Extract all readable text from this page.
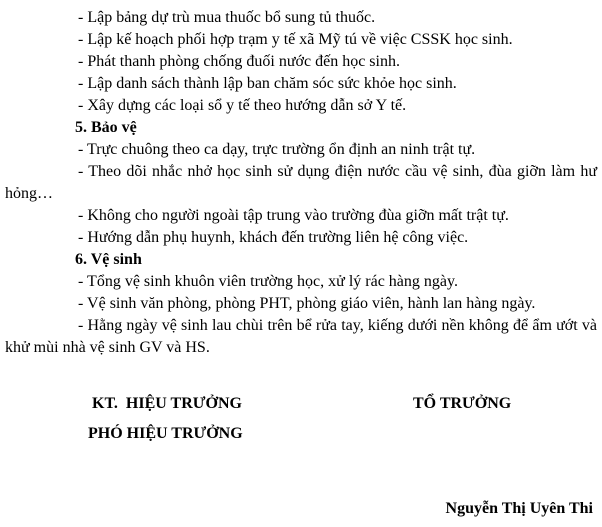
- Lập bảng dự trù mua thuốc bổ sung tủ thuốc.

- Lập kế hoạch phối hợp trạm y tế xã Mỹ tú về việc CSSK học sinh.

- Phát thanh phòng chống đuối nước đến học sinh.

- Lập danh sách thành lập ban chăm sóc sức khỏe học sinh.

- Xây dựng các loại sổ y tế theo hướng dẫn sở Y tế.

5. Bảo vệ

- Trực chuông theo ca dạy, trực trường ổn định an ninh trật tự.

- Theo dõi nhắc nhở học sinh sử dụng điện nước cầu vệ sinh, đùa giỡn làm hư hỏng…

- Không cho người ngoài tập trung vào trường đùa giỡn mất trật tự.

- Hướng dẫn phụ huynh, khách đến trường liên hệ công việc.

6. Vệ sinh

- Tổng vệ sinh khuôn viên trường học, xử lý rác hàng ngày.

- Vệ sinh văn phòng, phòng PHT, phòng giáo viên, hành lan hàng ngày.

- Hằng ngày vệ sinh lau chùi trên bể rửa tay, kiếng dưới nền không để ẩm ướt và khử mùi nhà vệ sinh GV và HS.

KT.  HIỆU TRƯỞNG

PHÓ HIỆU TRƯỞNG

TỔ TRƯỞNG

Nguyễn Thị Uyên Thi
